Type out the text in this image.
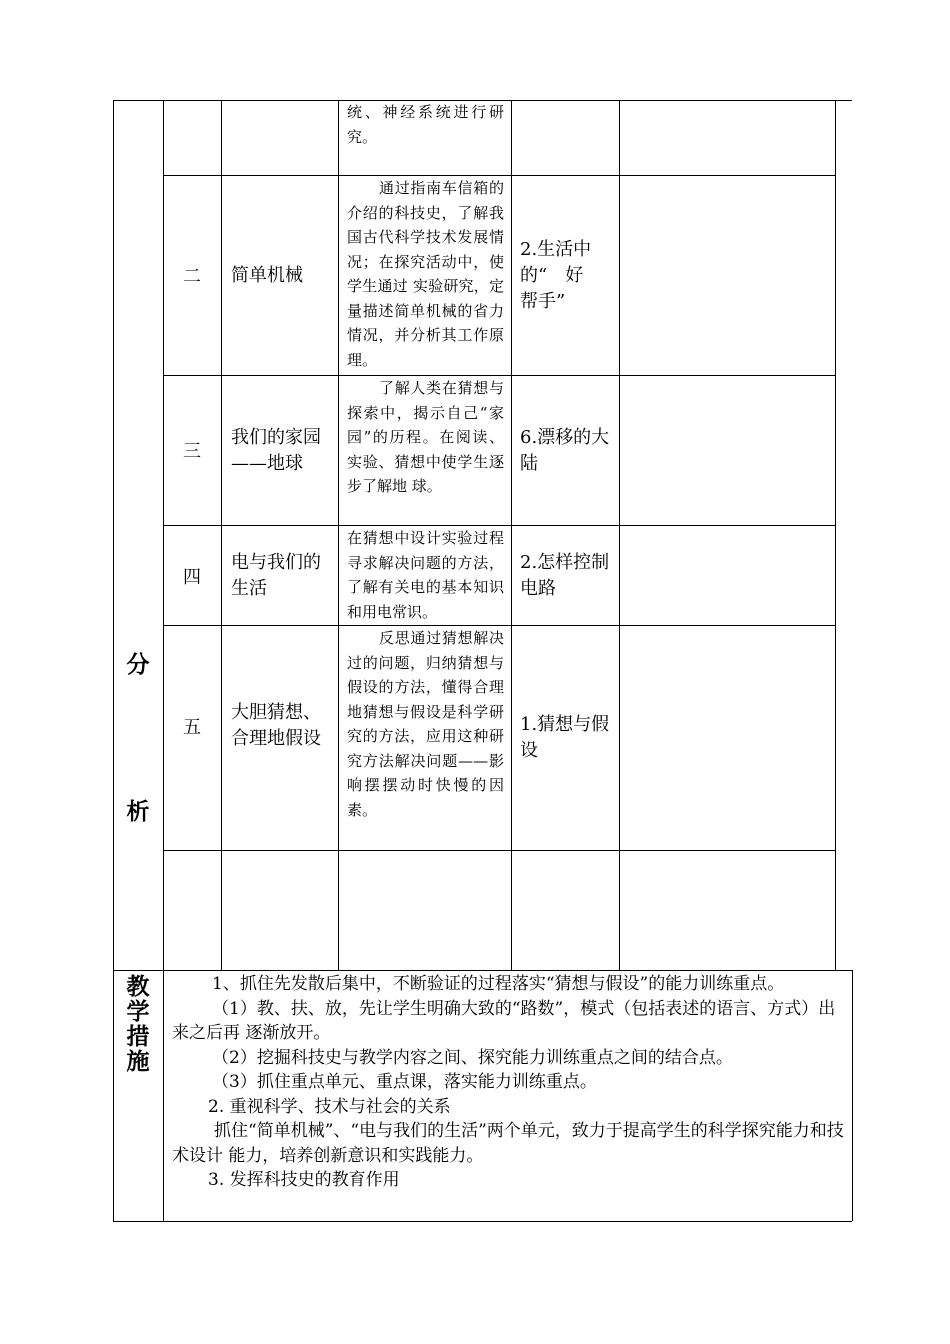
分
析
统、神经系统进行研究。
二	简单机械
通过指南车信箱的介绍的科技史，了解我国古代科学技术发展情况；在探究活动中，使学生通过 实验研究，定量描述简单机械的省力情况，并分析其工作原理。
2.生活中的“　好　帮手”
三
我们的家园——地球
了解人类在猜想与探索中，揭示自己“家园”的历程。在阅读、实验、猜想中使学生逐步了解地 球。
6.漂移的大陆
四
电与我们的生活
在猜想中设计实验过程寻求解决问题的方法，了解有关电的基本知识和用电常识。
2.怎样控制电路
五
大胆猜想、合理地假设
反思通过猜想解决过的问题，归纳猜想与假设的方法，懂得合理地猜想与假设是科学研究的方法，应用这种研究方法解决问题——影响摆摆动时快慢的因素。
1.猜想与假设
教
学
措
施

1、抓住先发散后集中，不断验证的过程落实“猜想与假设”的能力训练重点。

（1）教、扶、放，先让学生明确大致的“路数”，模式（包括表述的语言、方式）出来之后再 逐渐放开。

（2）挖掘科技史与教学内容之间、探究能力训练重点之间的结合点。

（3）抓住重点单元、重点课，落实能力训练重点。

2. 重视科学、技术与社会的关系

抓住“简单机械”、“电与我们的生活”两个单元，致力于提高学生的科学探究能力和技术设计 能力，培养创新意识和实践能力。

3. 发挥科技史的教育作用
